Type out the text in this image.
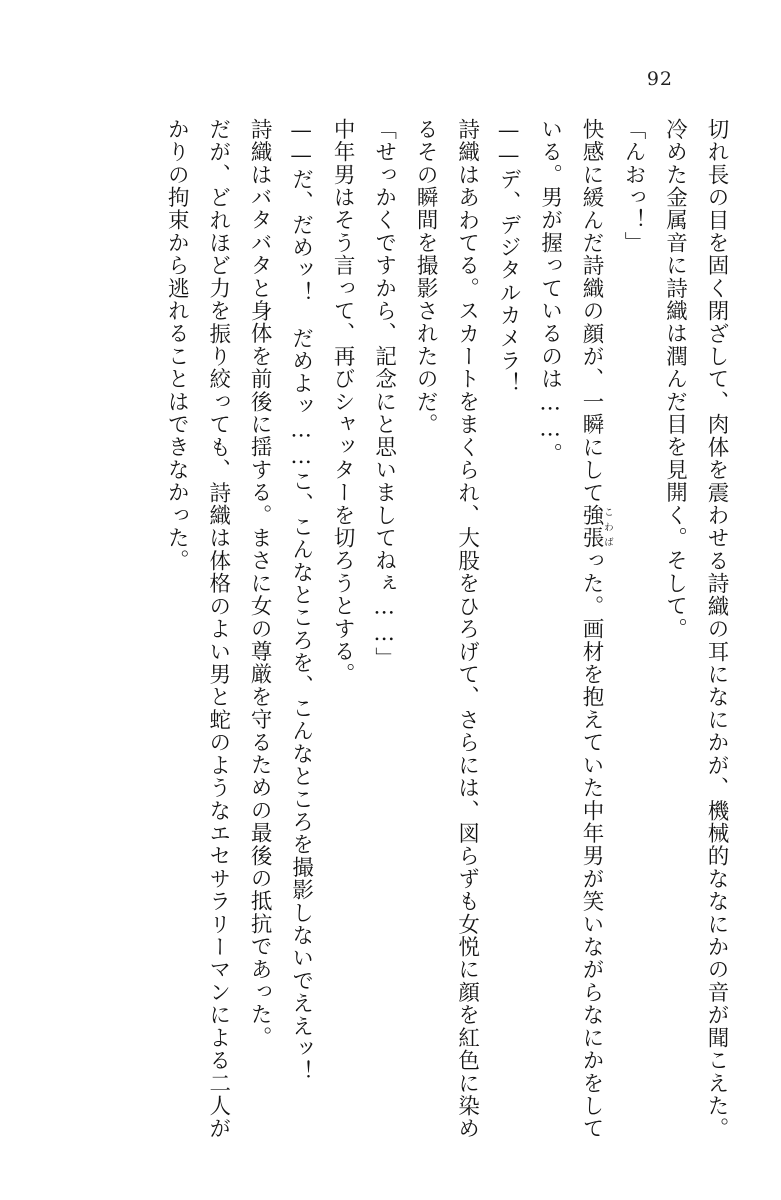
92

切れ長の目を固く閉ざして、肉体を震わせる詩織の耳になにかが、機械的ななにかの音が聞こえた。冷めた金属音に詩織は潤んだ目を見開く。そして。

「んおっ！」

快感に緩んだ詩織の顔が、一瞬にして強張こわばった。画材を抱えていた中年男が笑いながらなにかをしている。男が握っているのは……。

——デ、デジタルカメラ！

詩織はあわてる。スカートをまくられ、大股をひろげて、さらには、図らずも女悦に顔を紅色に染めるその瞬間を撮影されたのだ。

「せっかくですから、記念にと思いましてねぇ……」

中年男はそう言って、再びシャッターを切ろうとする。

——だ、だめッ！　だめよッ……こ、こんなところを、こんなところを撮影しないでええッ！

詩織はバタバタと身体を前後に揺する。まさに女の尊厳を守るための最後の抵抗であった。

だが、どれほど力を振り絞っても、詩織は体格のよい男と蛇のようなエセサラリーマンによる二人がかりの拘束から逃れることはできなかった。
